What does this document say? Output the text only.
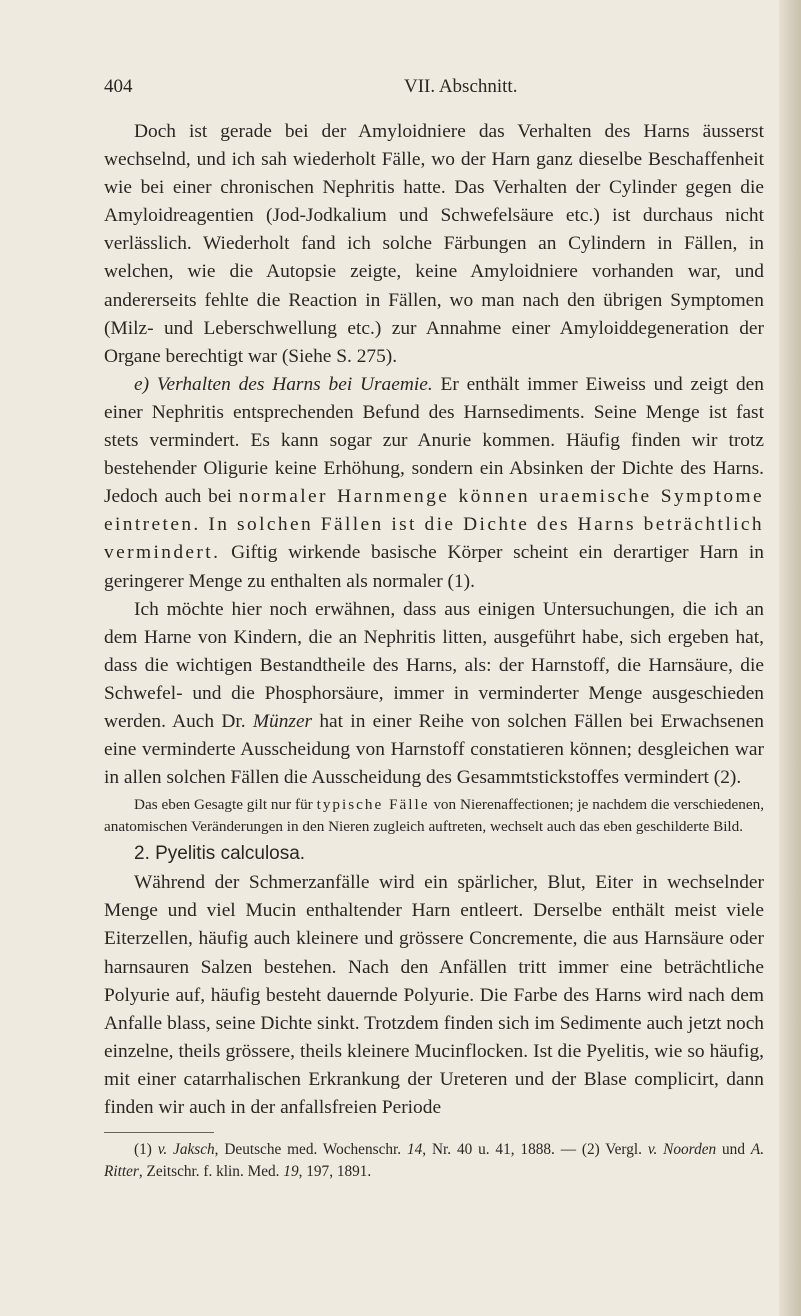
404	VII. Abschnitt.

Doch ist gerade bei der Amyloidniere das Verhalten des Harns äusserst wechselnd, und ich sah wiederholt Fälle, wo der Harn ganz dieselbe Beschaffenheit wie bei einer chronischen Nephritis hatte. Das Verhalten der Cylinder gegen die Amyloidreagentien (Jod-Jodkalium und Schwefelsäure etc.) ist durchaus nicht verlässlich. Wiederholt fand ich solche Färbungen an Cylindern in Fällen, in welchen, wie die Autopsie zeigte, keine Amyloidniere vorhanden war, und andererseits fehlte die Reaction in Fällen, wo man nach den übrigen Symptomen (Milz- und Leberschwellung etc.) zur Annahme einer Amyloiddegeneration der Organe berechtigt war (Siehe S. 275).

e) Verhalten des Harns bei Uraemie. Er enthält immer Eiweiss und zeigt den einer Nephritis entsprechenden Befund des Harnsediments. Seine Menge ist fast stets vermindert. Es kann sogar zur Anurie kommen. Häufig finden wir trotz bestehender Oligurie keine Erhöhung, sondern ein Absinken der Dichte des Harns. Jedoch auch bei normaler Harnmenge können uraemische Symptome eintreten. In solchen Fällen ist die Dichte des Harns beträchtlich vermindert. Giftig wirkende basische Körper scheint ein derartiger Harn in geringerer Menge zu enthalten als normaler (1).

Ich möchte hier noch erwähnen, dass aus einigen Untersuchungen, die ich an dem Harne von Kindern, die an Nephritis litten, ausgeführt habe, sich ergeben hat, dass die wichtigen Bestandtheile des Harns, als: der Harnstoff, die Harnsäure, die Schwefel- und die Phosphorsäure, immer in verminderter Menge ausgeschieden werden. Auch Dr. Münzer hat in einer Reihe von solchen Fällen bei Erwachsenen eine verminderte Ausscheidung von Harnstoff constatieren können; desgleichen war in allen solchen Fällen die Ausscheidung des Gesammtstickstoffes vermindert (2).

Das eben Gesagte gilt nur für typische Fälle von Nierenaffectionen; je nachdem die verschiedenen, anatomischen Veränderungen in den Nieren zugleich auftreten, wechselt auch das eben geschilderte Bild.

2. Pyelitis calculosa.

Während der Schmerzanfälle wird ein spärlicher, Blut, Eiter in wechselnder Menge und viel Mucin enthaltender Harn entleert. Derselbe enthält meist viele Eiterzellen, häufig auch kleinere und grössere Concremente, die aus Harnsäure oder harnsauren Salzen bestehen. Nach den Anfällen tritt immer eine beträchtliche Polyurie auf, häufig besteht dauernde Polyurie. Die Farbe des Harns wird nach dem Anfalle blass, seine Dichte sinkt. Trotzdem finden sich im Sedimente auch jetzt noch einzelne, theils grössere, theils kleinere Mucinflocken. Ist die Pyelitis, wie so häufig, mit einer catarrhalischen Erkrankung der Ureteren und der Blase complicirt, dann finden wir auch in der anfallsfreien Periode

(1) v. Jaksch, Deutsche med. Wochenschr. 14, Nr. 40 u. 41, 1888. — (2) Vergl. v. Noorden und A. Ritter, Zeitschr. f. klin. Med. 19, 197, 1891.
